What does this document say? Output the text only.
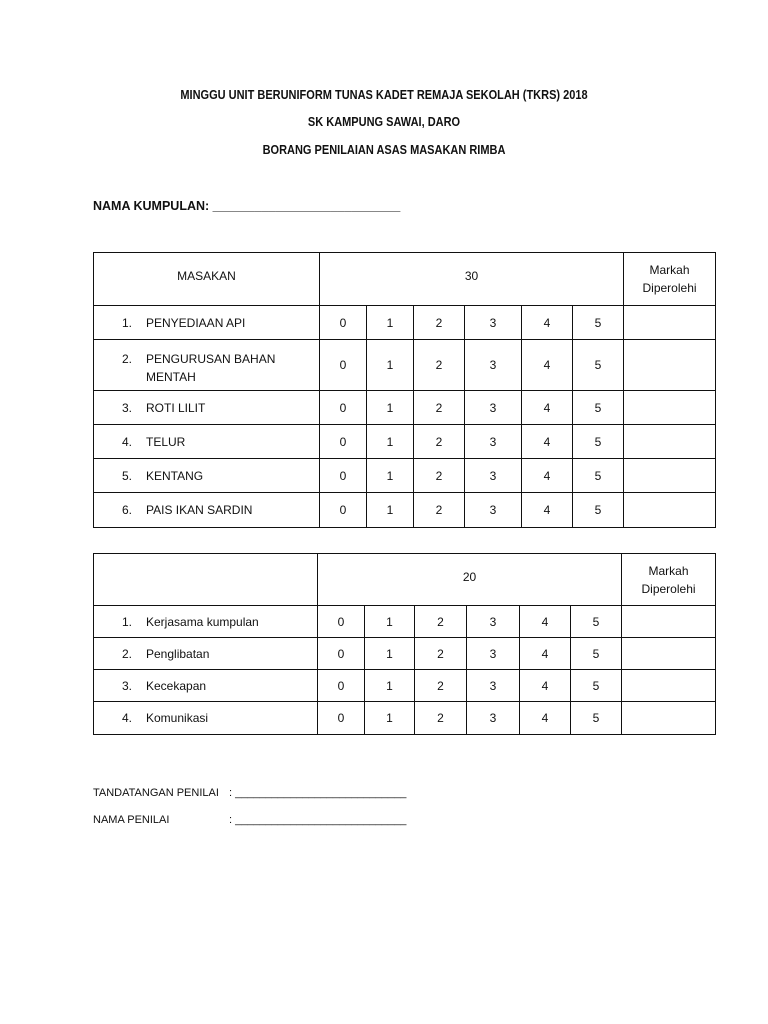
MINGGU UNIT BERUNIFORM TUNAS KADET REMAJA SEKOLAH (TKRS) 2018
SK KAMPUNG SAWAI, DARO
BORANG PENILAIAN ASAS MASAKAN RIMBA
NAMA KUMPULAN: ___________________________
MASAKAN	30						Markah
Diperolehi

1. PENYEDIAAN API	0	1	2	3	4	5	

2. PENGURUSAN BAHAN MENTAH	0	1	2	3	4	5	

3. ROTI LILIT	0	1	2	3	4	5	

4. TELUR	0	1	2	3	4	5	

5. KENTANG	0	1	2	3	4	5	

6. PAIS IKAN SARDIN	0	1	2	3	4	5	
	20						Markah
Diperolehi

1. Kerjasama kumpulan	0	1	2	3	4	5	

2. Penglibatan	0	1	2	3	4	5	

3. Kecekapan	0	1	2	3	4	5	

4. Komunikasi	0	1	2	3	4	5	
TANDATANGAN PENILAI : ____________________________
NAMA PENILAI	: ____________________________
